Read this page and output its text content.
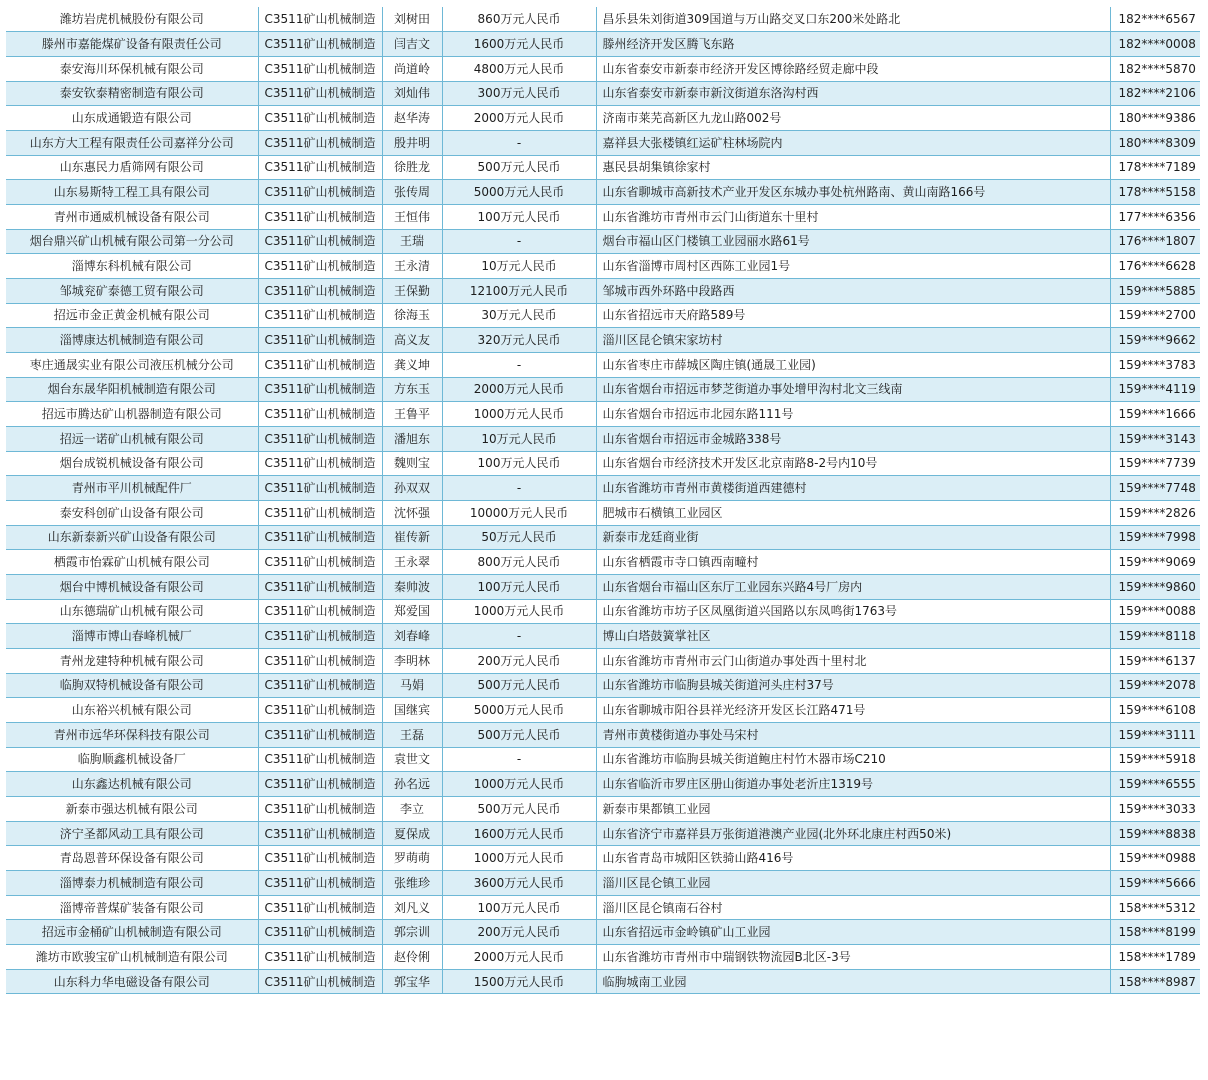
潍坊岩虎机械股份有限公司	C3511矿山机械制造	刘树田	860万元人民币	昌乐县朱刘街道309国道与万山路交叉口东200米处路北	182****6567
滕州市嘉能煤矿设备有限责任公司	C3511矿山机械制造	闫吉文	1600万元人民币	滕州经济开发区腾飞东路	182****0008
泰安海川环保机械有限公司	C3511矿山机械制造	尚道岭	4800万元人民币	山东省泰安市新泰市经济开发区博徐路经贸走廊中段	182****5870
泰安钦泰精密制造有限公司	C3511矿山机械制造	刘灿伟	300万元人民币	山东省泰安市新泰市新汶街道东洛沟村西	182****2106
山东成通锻造有限公司	C3511矿山机械制造	赵华涛	2000万元人民币	济南市莱芜高新区九龙山路002号	180****9386
山东方大工程有限责任公司嘉祥分公司	C3511矿山机械制造	殷井明	-	嘉祥县大张楼镇红运矿柱林场院内	180****8309
山东惠民力盾筛网有限公司	C3511矿山机械制造	徐胜龙	500万元人民币	惠民县胡集镇徐家村	178****7189
山东易斯特工程工具有限公司	C3511矿山机械制造	张传周	5000万元人民币	山东省聊城市高新技术产业开发区东城办事处杭州路南、黄山南路166号	178****5158
青州市通威机械设备有限公司	C3511矿山机械制造	王恒伟	100万元人民币	山东省潍坊市青州市云门山街道东十里村	177****6356
烟台鼎兴矿山机械有限公司第一分公司	C3511矿山机械制造	王瑞	-	烟台市福山区门楼镇工业园丽水路61号	176****1807
淄博东科机械有限公司	C3511矿山机械制造	王永清	10万元人民币	山东省淄博市周村区西陈工业园1号	176****6628
邹城兖矿泰德工贸有限公司	C3511矿山机械制造	王保勤	12100万元人民币	邹城市西外环路中段路西	159****5885
招远市金正黄金机械有限公司	C3511矿山机械制造	徐海玉	30万元人民币	山东省招远市天府路589号	159****2700
淄博康达机械制造有限公司	C3511矿山机械制造	高义友	320万元人民币	淄川区昆仑镇宋家坊村	159****9662
枣庄通晟实业有限公司液压机械分公司	C3511矿山机械制造	龚义坤	-	山东省枣庄市薛城区陶庄镇(通晟工业园)	159****3783
烟台东晟华阳机械制造有限公司	C3511矿山机械制造	方东玉	2000万元人民币	山东省烟台市招远市梦芝街道办事处增甲沟村北文三线南	159****4119
招远市腾达矿山机器制造有限公司	C3511矿山机械制造	王鲁平	1000万元人民币	山东省烟台市招远市北园东路111号	159****1666
招远一诺矿山机械有限公司	C3511矿山机械制造	潘旭东	10万元人民币	山东省烟台市招远市金城路338号	159****3143
烟台成锐机械设备有限公司	C3511矿山机械制造	魏则宝	100万元人民币	山东省烟台市经济技术开发区北京南路8-2号内10号	159****7739
青州市平川机械配件厂	C3511矿山机械制造	孙双双	-	山东省潍坊市青州市黄楼街道西建德村	159****7748
泰安科创矿山设备有限公司	C3511矿山机械制造	沈怀强	10000万元人民币	肥城市石横镇工业园区	159****2826
山东新泰新兴矿山设备有限公司	C3511矿山机械制造	崔传新	50万元人民币	新泰市龙廷商业街	159****7998
栖霞市怡霖矿山机械有限公司	C3511矿山机械制造	王永翠	800万元人民币	山东省栖霞市寺口镇西南疃村	159****9069
烟台中博机械设备有限公司	C3511矿山机械制造	秦帅波	100万元人民币	山东省烟台市福山区东厅工业园东兴路4号厂房内	159****9860
山东德瑞矿山机械有限公司	C3511矿山机械制造	郑爱国	1000万元人民币	山东省潍坊市坊子区凤凰街道兴国路以东凤鸣街1763号	159****0088
淄博市博山春峰机械厂	C3511矿山机械制造	刘春峰	-	博山白塔鼓簧掌社区	159****8118
青州龙建特种机械有限公司	C3511矿山机械制造	李明林	200万元人民币	山东省潍坊市青州市云门山街道办事处西十里村北	159****6137
临朐双特机械设备有限公司	C3511矿山机械制造	马娟	500万元人民币	山东省潍坊市临朐县城关街道河头庄村37号	159****2078
山东裕兴机械有限公司	C3511矿山机械制造	国继宾	5000万元人民币	山东省聊城市阳谷县祥光经济开发区长江路471号	159****6108
青州市远华环保科技有限公司	C3511矿山机械制造	王磊	500万元人民币	青州市黄楼街道办事处马宋村	159****3111
临朐顺鑫机械设备厂	C3511矿山机械制造	袁世文	-	山东省潍坊市临朐县城关街道鲍庄村竹木器市场C210	159****5918
山东鑫达机械有限公司	C3511矿山机械制造	孙名远	1000万元人民币	山东省临沂市罗庄区册山街道办事处老沂庄1319号	159****6555
新泰市强达机械有限公司	C3511矿山机械制造	李立	500万元人民币	新泰市果都镇工业园	159****3033
济宁圣都风动工具有限公司	C3511矿山机械制造	夏保成	1600万元人民币	山东省济宁市嘉祥县万张街道港澳产业园(北外环北康庄村西50米)	159****8838
青岛恩普环保设备有限公司	C3511矿山机械制造	罗萌萌	1000万元人民币	山东省青岛市城阳区铁骑山路416号	159****0988
淄博泰力机械制造有限公司	C3511矿山机械制造	张维珍	3600万元人民币	淄川区昆仑镇工业园	159****5666
淄博帝普煤矿装备有限公司	C3511矿山机械制造	刘凡义	100万元人民币	淄川区昆仑镇南石谷村	158****5312
招远市金桶矿山机械制造有限公司	C3511矿山机械制造	郭宗训	200万元人民币	山东省招远市金岭镇矿山工业园	158****8199
潍坊市欧骏宝矿山机械制造有限公司	C3511矿山机械制造	赵伶俐	2000万元人民币	山东省潍坊市青州市中瑞钢铁物流园B北区-3号	158****1789
山东科力华电磁设备有限公司	C3511矿山机械制造	郭宝华	1500万元人民币	临朐城南工业园	158****8987
